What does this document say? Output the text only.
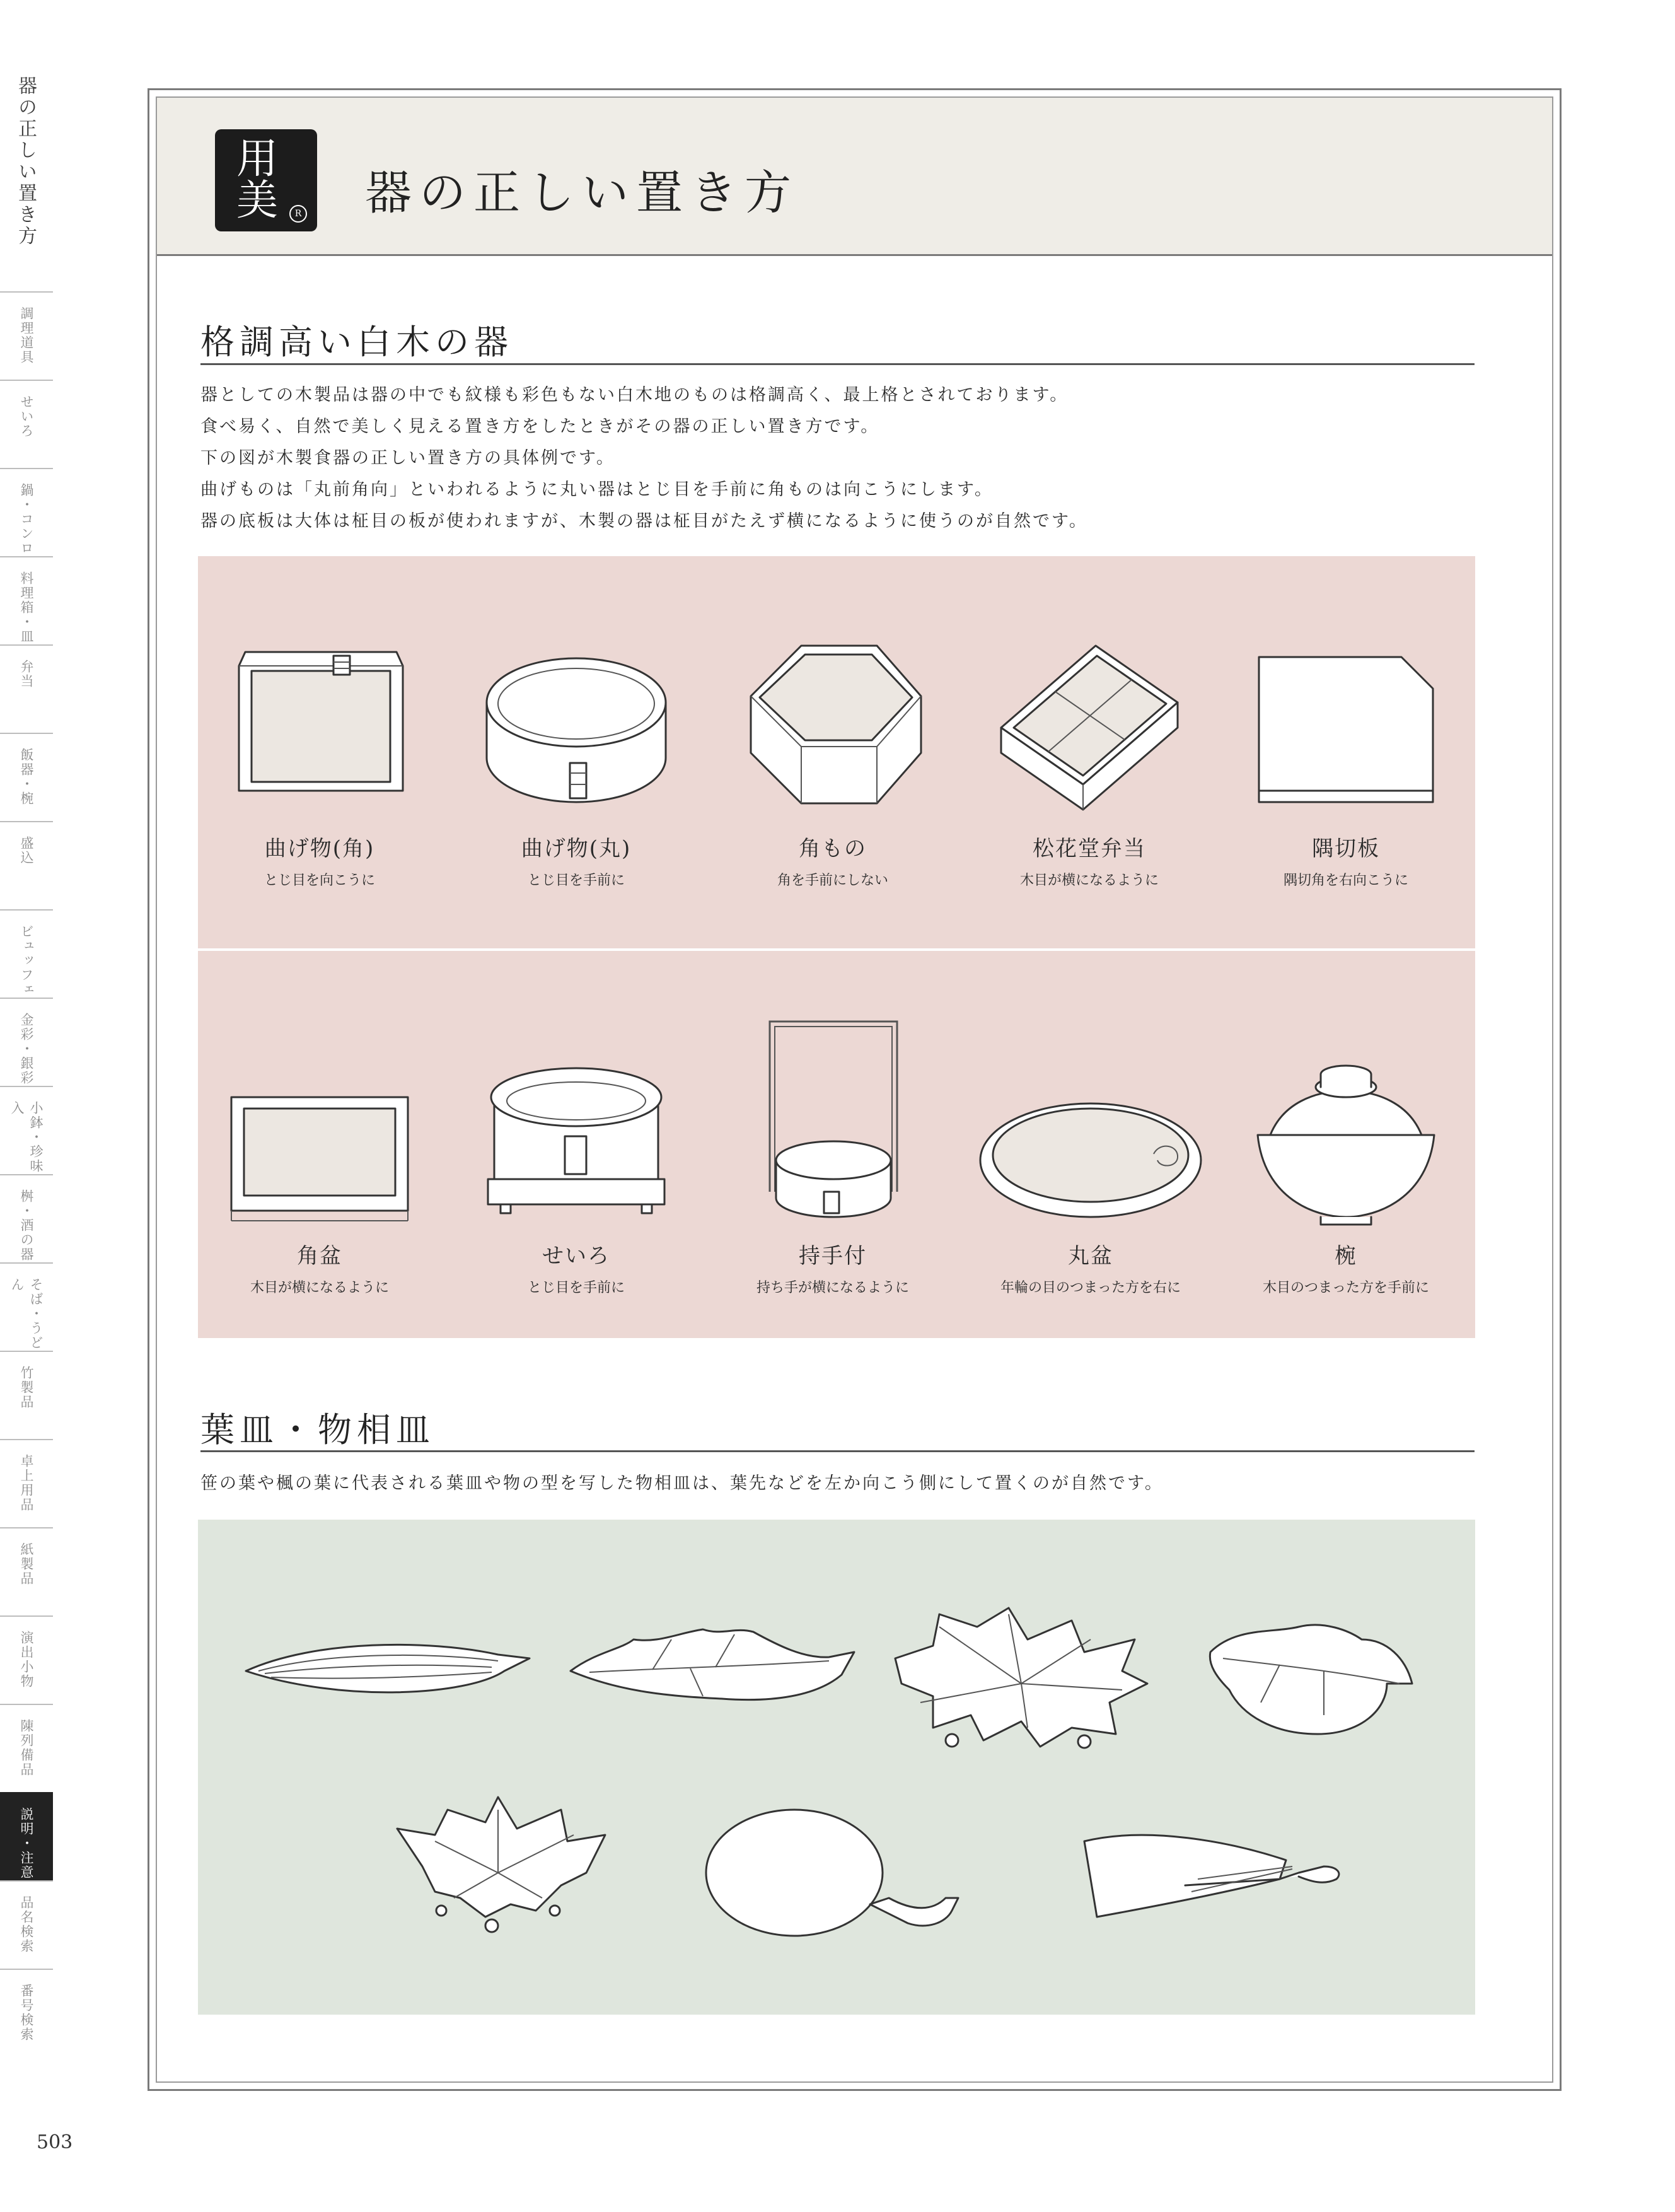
器の正しい置き方
調理道具
せいろ
鍋・コンロ
料理箱・皿
弁当
飯器・椀
盛込
ビュッフェ
金彩・銀彩
小鉢・珍味入
桝・酒の器
そば・うどん
竹製品
卓上用品
紙製品
演出小物
陳列備品
説明・注意
品名検索
番号検索
503
用
美	R 器の正しい置き方
格調高い白木の器
器としての木製品は器の中でも紋様も彩色もない白木地のものは格調高く、最上格とされております。
食べ易く、自然で美しく見える置き方をしたときがその器の正しい置き方です。
下の図が木製食器の正しい置き方の具体例です。
曲げものは「丸前角向」といわれるように丸い器はとじ目を手前に角ものは向こうにします。
器の底板は大体は柾目の板が使われますが、木製の器は柾目がたえず横になるように使うのが自然です。
曲げ物(角)
とじ目を向こうに
曲げ物(丸)
とじ目を手前に
角もの
角を手前にしない
松花堂弁当
木目が横になるように
隅切板
隅切角を右向こうに
角盆
木目が横になるように
せいろ
とじ目を手前に
持手付
持ち手が横になるように
丸盆
年輪の目のつまった方を右に
椀
木目のつまった方を手前に
葉皿・物相皿
笹の葉や楓の葉に代表される葉皿や物の型を写した物相皿は、葉先などを左か向こう側にして置くのが自然です。
